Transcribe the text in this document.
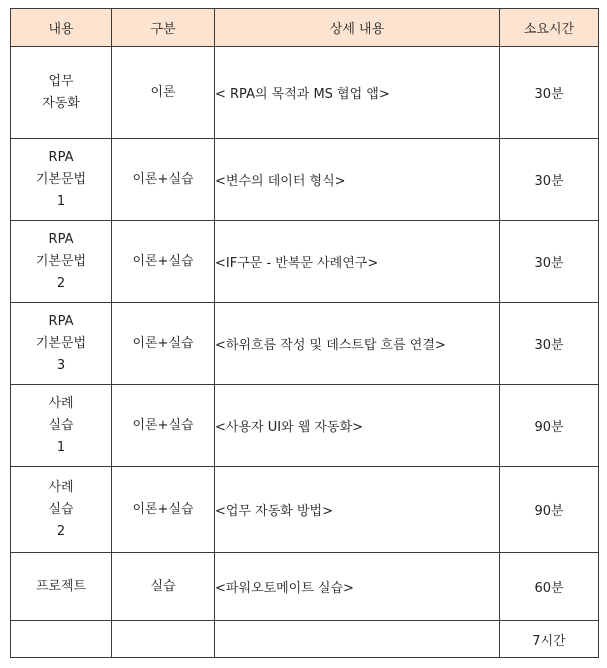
내용	구분	상세 내용	소요시간

업무
자동화	이론	< RPA의 목적과 MS 협업 앱>	30분

RPA
기본문법
1	이론+실습	<변수의 데이터 형식>	30분

RPA
기본문법
2	이론+실습	<IF구문 - 반복문 사례연구>	30분

RPA
기본문법
3	이론+실습	<하위흐름 작성 및 데스트탑 흐름 연결>	30분

사례
실습
1	이론+실습	<사용자 UI와 웹 자동화>	90분

사례
실습
2	이론+실습	<업무 자동화 방법>	90분

프로젝트	실습	<파워오토메이트 실습>	60분
			7시간
